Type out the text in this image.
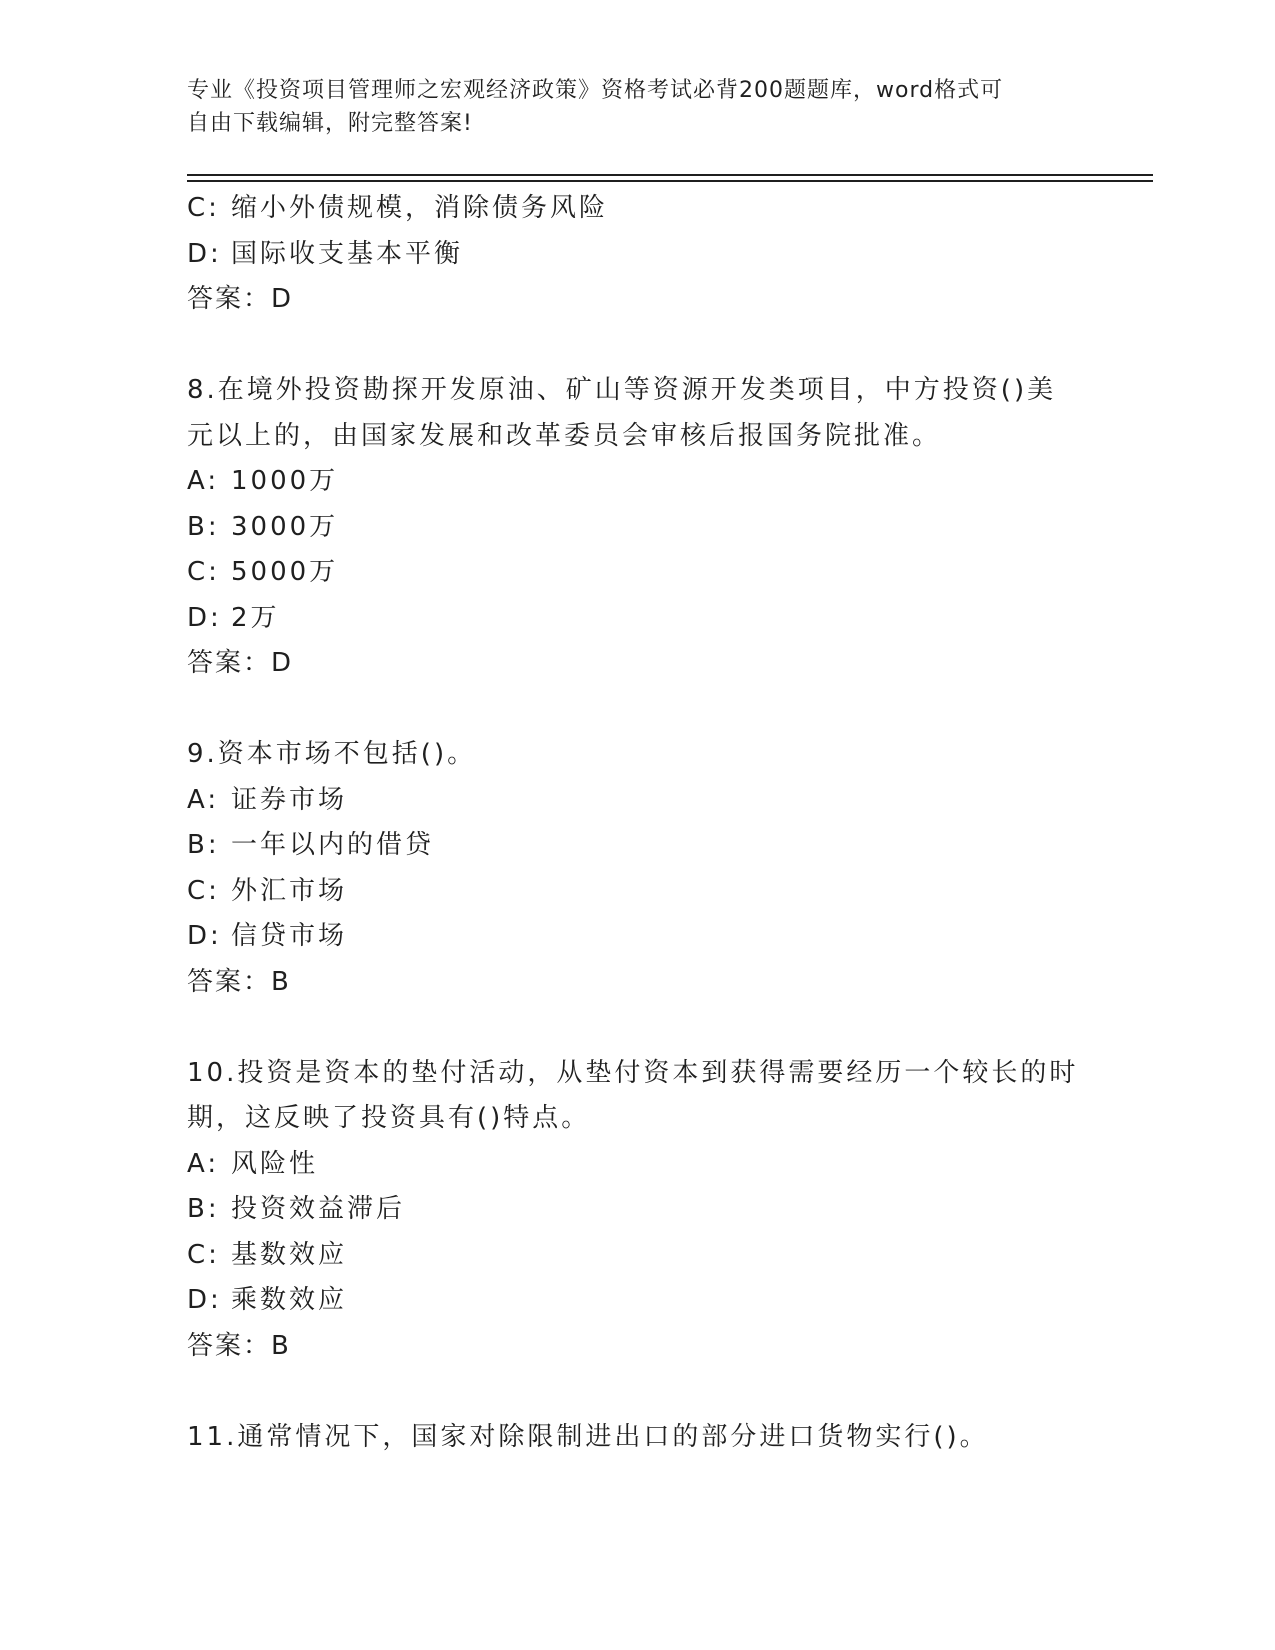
专业《投资项目管理师之宏观经济政策》资格考试必背200题题库，word格式可
自由下载编辑，附完整答案!
C: 缩小外债规模，消除债务风险
D: 国际收支基本平衡
答案：D
8.在境外投资勘探开发原油、矿山等资源开发类项目，中方投资()美
元以上的，由国家发展和改革委员会审核后报国务院批准。
A: 1000万
B: 3000万
C: 5000万
D: 2万
答案：D
9.资本市场不包括()。
A: 证券市场
B: 一年以内的借贷
C: 外汇市场
D: 信贷市场
答案：B
10.投资是资本的垫付活动，从垫付资本到获得需要经历一个较长的时
期，这反映了投资具有()特点。
A: 风险性
B: 投资效益滞后
C: 基数效应
D: 乘数效应
答案：B
11.通常情况下，国家对除限制进出口的部分进口货物实行()。
